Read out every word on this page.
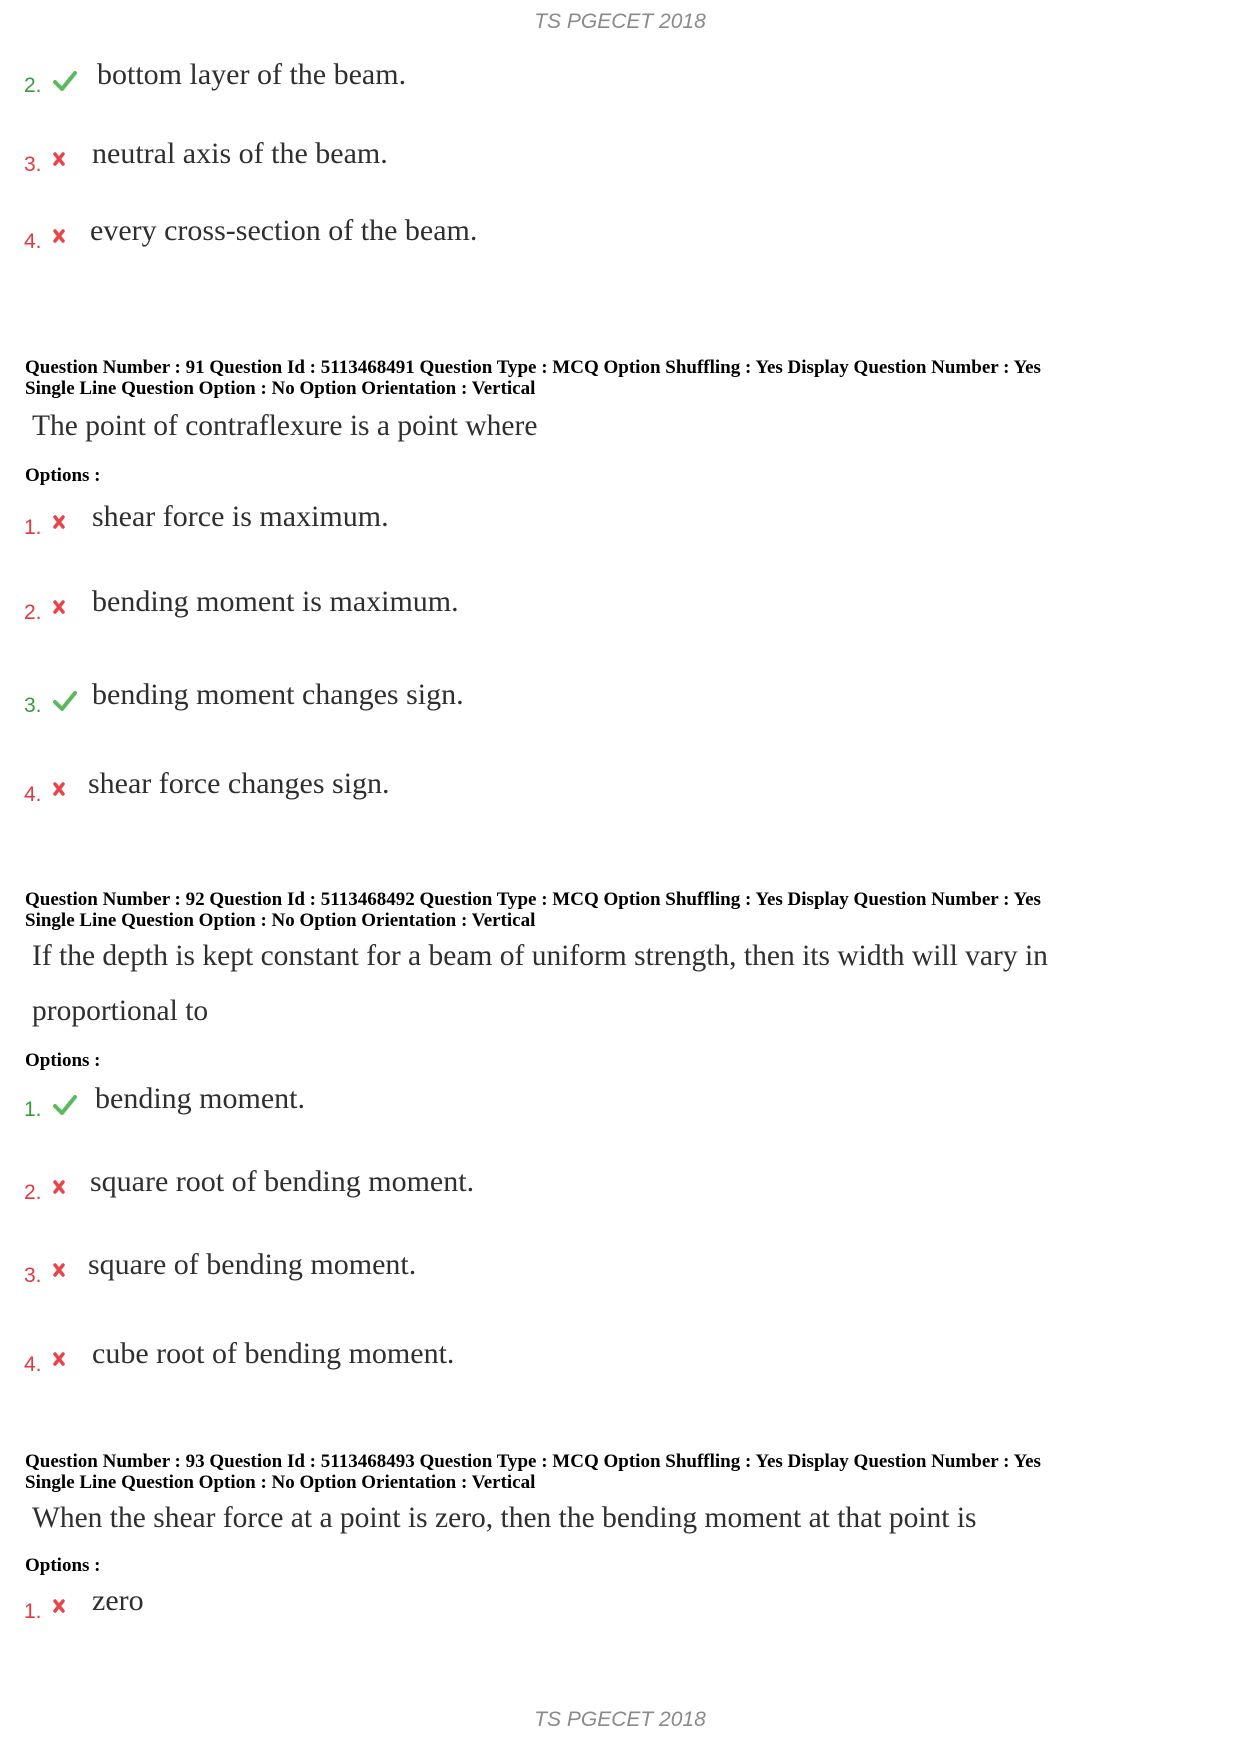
TS PGECET 2018
2. bottom layer of the beam.
3. neutral axis of the beam.
4. every cross-section of the beam.
Question Number : 91 Question Id : 5113468491 Question Type : MCQ Option Shuffling : Yes Display Question Number : Yes
Single Line Question Option : No Option Orientation : Vertical
The point of contraflexure is a point where
Options :
1. shear force is maximum.
2. bending moment is maximum.
3. bending moment changes sign.
4. shear force changes sign.
Question Number : 92 Question Id : 5113468492 Question Type : MCQ Option Shuffling : Yes Display Question Number : Yes
Single Line Question Option : No Option Orientation : Vertical
If the depth is kept constant for a beam of uniform strength, then its width will vary in
proportional to
Options :
1. bending moment.
2. square root of bending moment.
3. square of bending moment.
4. cube root of bending moment.
Question Number : 93 Question Id : 5113468493 Question Type : MCQ Option Shuffling : Yes Display Question Number : Yes
Single Line Question Option : No Option Orientation : Vertical
When the shear force at a point is zero, then the bending moment at that point is
Options :
1. zero
TS PGECET 2018
